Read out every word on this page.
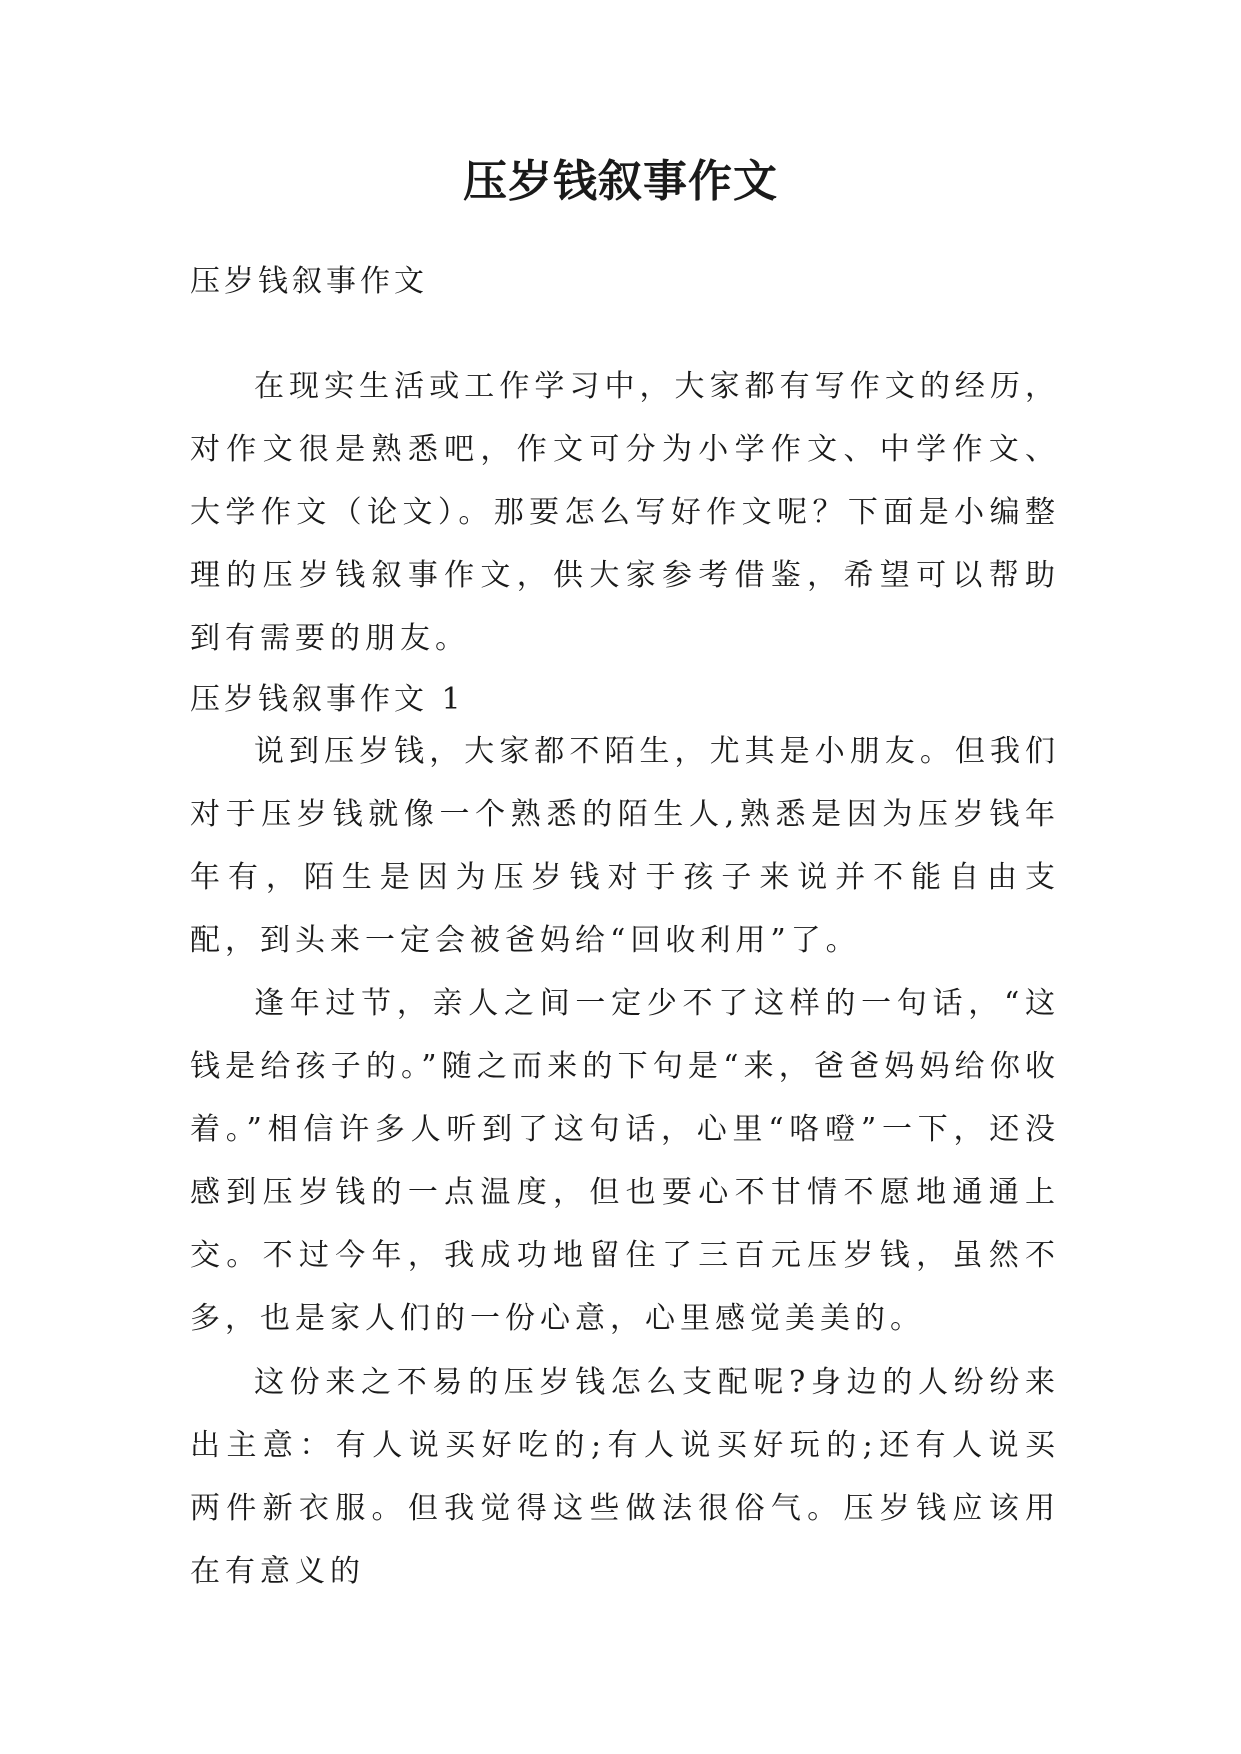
压岁钱叙事作文

压岁钱叙事作文

在现实生活或工作学习中，大家都有写作文的经历，对作文很是熟悉吧，作文可分为小学作文、中学作文、大学作文（论文）。那要怎么写好作文呢？下面是小编整理的压岁钱叙事作文，供大家参考借鉴，希望可以帮助到有需要的朋友。

压岁钱叙事作文 1

说到压岁钱，大家都不陌生，尤其是小朋友。但我们对于压岁钱就像一个熟悉的陌生人,熟悉是因为压岁钱年年有，陌生是因为压岁钱对于孩子来说并不能自由支配，到头来一定会被爸妈给“回收利用”了。

逢年过节，亲人之间一定少不了这样的一句话，“这钱是给孩子的。”随之而来的下句是“来，爸爸妈妈给你收着。”相信许多人听到了这句话，心里“咯噔”一下，还没感到压岁钱的一点温度，但也要心不甘情不愿地通通上交。不过今年，我成功地留住了三百元压岁钱，虽然不多，也是家人们的一份心意，心里感觉美美的。

这份来之不易的压岁钱怎么支配呢?身边的人纷纷来出主意：有人说买好吃的;有人说买好玩的;还有人说买两件新衣服。但我觉得这些做法很俗气。压岁钱应该用在有意义的
